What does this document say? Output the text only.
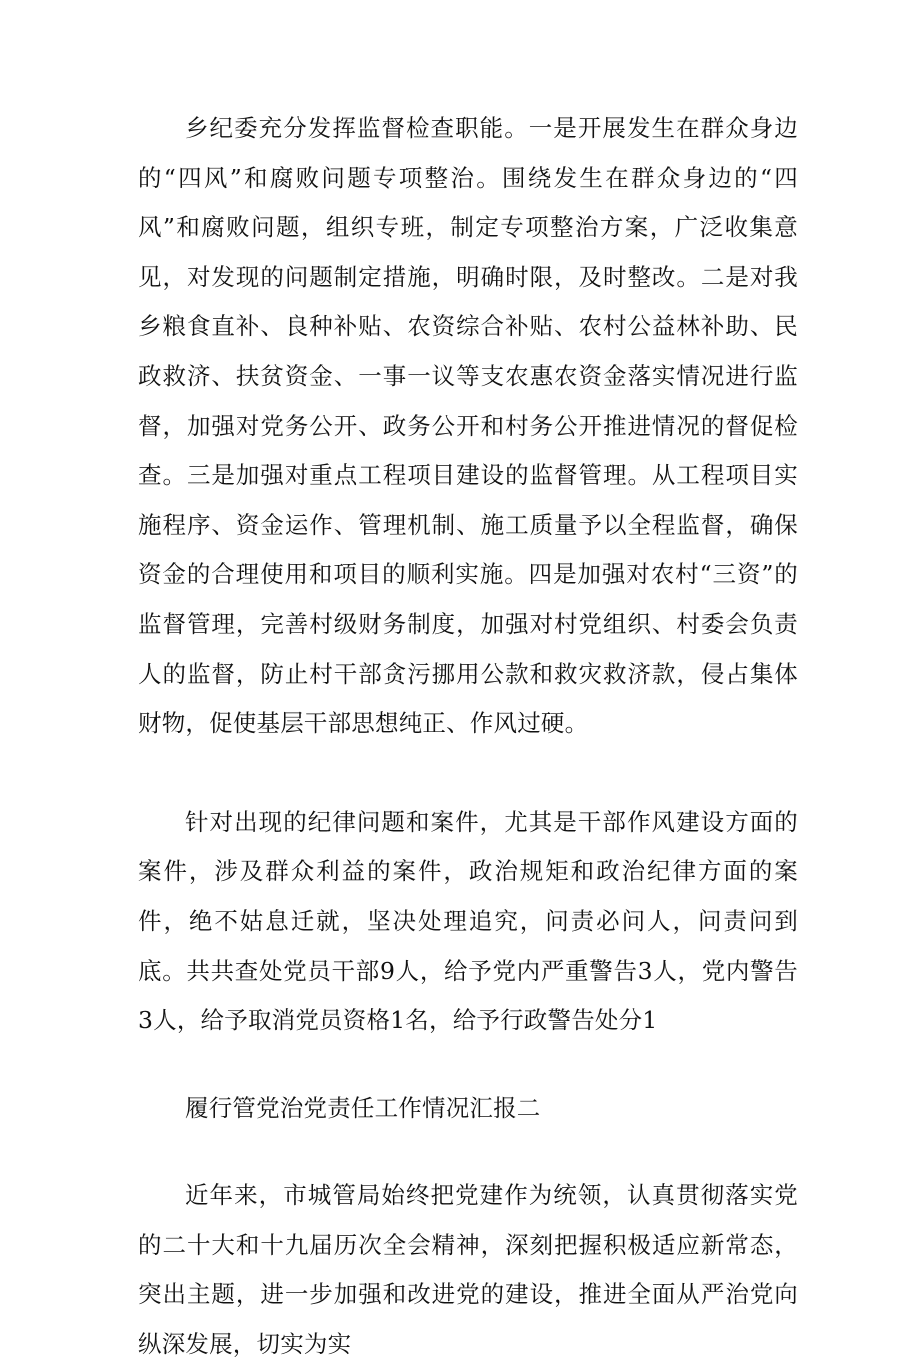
乡纪委充分发挥监督检查职能。一是开展发生在群众身边的“四风”和腐败问题专项整治。围绕发生在群众身边的“四风”和腐败问题，组织专班，制定专项整治方案，广泛收集意见，对发现的问题制定措施，明确时限，及时整改。二是对我乡粮食直补、良种补贴、农资综合补贴、农村公益林补助、民政救济、扶贫资金、一事一议等支农惠农资金落实情况进行监督，加强对党务公开、政务公开和村务公开推进情况的督促检查。三是加强对重点工程项目建设的监督管理。从工程项目实施程序、资金运作、管理机制、施工质量予以全程监督，确保资金的合理使用和项目的顺利实施。四是加强对农村“三资”的监督管理，完善村级财务制度，加强对村党组织、村委会负责人的监督，防止村干部贪污挪用公款和救灾救济款，侵占集体财物，促使基层干部思想纯正、作风过硬。

针对出现的纪律问题和案件，尤其是干部作风建设方面的案件，涉及群众利益的案件，政治规矩和政治纪律方面的案件，绝不姑息迁就，坚决处理追究，问责必问人，问责问到底。共共查处党员干部9人，给予党内严重警告3人，党内警告3人，给予取消党员资格1名，给予行政警告处分1

履行管党治党责任工作情况汇报二

近年来，市城管局始终把党建作为统领，认真贯彻落实党的二十大和十九届历次全会精神，深刻把握积极适应新常态，突出主题，进一步加强和改进党的建设，推进全面从严治党向纵深发展，切实为实
